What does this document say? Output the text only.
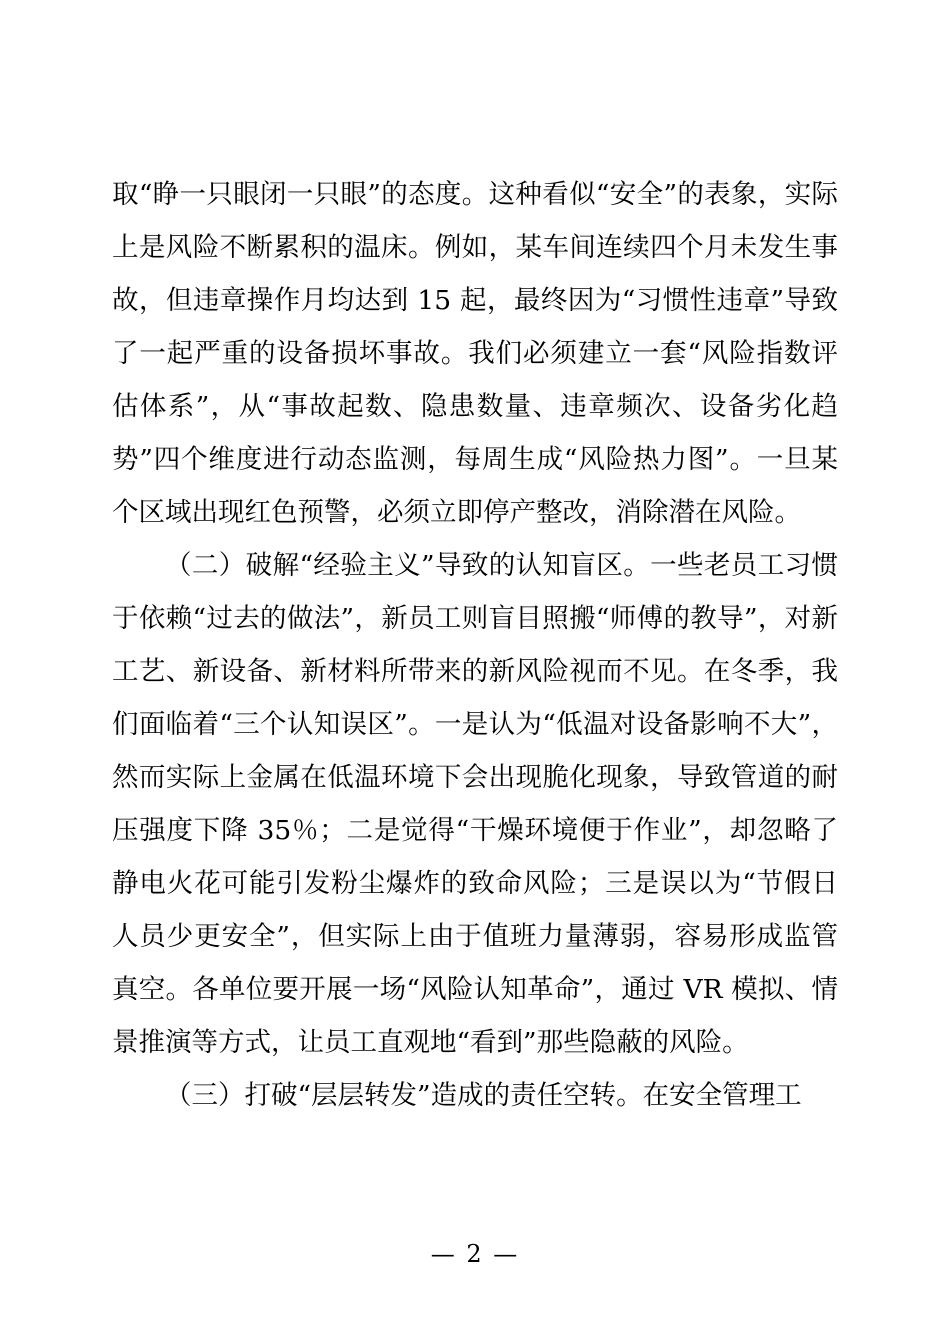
取“睁一只眼闭一只眼”的态度。这种看似“安全”的表象，实际上是风险不断累积的温床。例如，某车间连续四个月未发生事故，但违章操作月均达到 15 起，最终因为“习惯性违章”导致了一起严重的设备损坏事故。我们必须建立一套“风险指数评估体系”，从“事故起数、隐患数量、违章频次、设备劣化趋势”四个维度进行动态监测，每周生成“风险热力图”。一旦某个区域出现红色预警，必须立即停产整改，消除潜在风险。

（二）破解“经验主义”导致的认知盲区。一些老员工习惯于依赖“过去的做法”，新员工则盲目照搬“师傅的教导”，对新工艺、新设备、新材料所带来的新风险视而不见。在冬季，我们面临着“三个认知误区”。一是认为“低温对设备影响不大”，然而实际上金属在低温环境下会出现脆化现象，导致管道的耐压强度下降 35％；二是觉得“干燥环境便于作业”，却忽略了静电火花可能引发粉尘爆炸的致命风险；三是误以为“节假日人员少更安全”，但实际上由于值班力量薄弱，容易形成监管真空。各单位要开展一场“风险认知革命”，通过 VR 模拟、情景推演等方式，让员工直观地“看到”那些隐蔽的风险。

（三）打破“层层转发”造成的责任空转。在安全管理工

— 2 —
